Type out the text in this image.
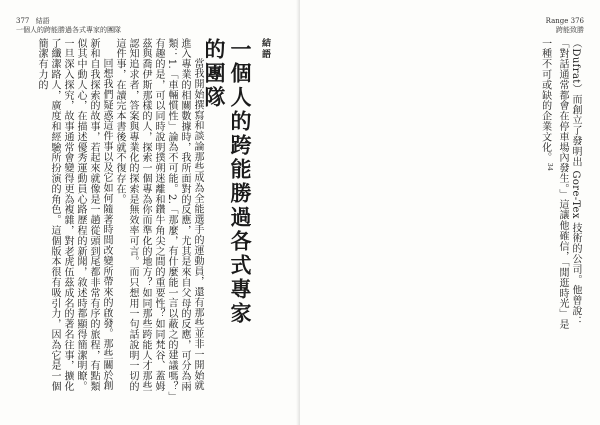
377 結語
一個人的跨能勝過各式專家的團隊

當我開始撰寫和談論那些成為全能選手的運動員，還有那些並非一開始就進入專業的相關數據時，我所面對的反應，尤其是來自父母的反應，可分為兩類：1.「車輛慣性」論為不可能。2.「那麼，有什麼能一言以蔽之的建議嗎？」有趣的是，可以同時說明撲朔迷離和鑽牛角尖之間的重要性？如同梵谷、蓋姆茲與喬伊斯那樣的人，探索一個專為你而準化的地方？如同那些跨能人才那些認知追求者，答案與專業化的探索是無效率可言。而只想用一句話說明一切的這件事，在讀完本書後就不復存在。

回想我們疑惑這件事以及它如何隨著時間改變所帶來的啟發。那些關於創新和自我探索的故事，若起來就像是一趟從頭到尾都非常有序的旅程，有點類似其中動人心，在描述優秀運動員心路歷程的新聞，敘述時都顯得簡潔明瞭。一旦深入探究，故事通常會變得更為複雜，對老虎伍茲成名的著名往事，擴化了纖潔路人，廣度和經驗所扮演的角色。這個版本很有吸引力，因為它是一個簡潔有力的	結語
一個人的跨能勝過各式專家的團隊
Range 376
跨能致勝

（Dufrat）而創立了發明出 Gore-Tex 技術的公司。他曾說：「對話通常都會在停車場內發生。」這讓他確信，「閒逛時光」是一種不可或缺的企業文化。$^{34}$
